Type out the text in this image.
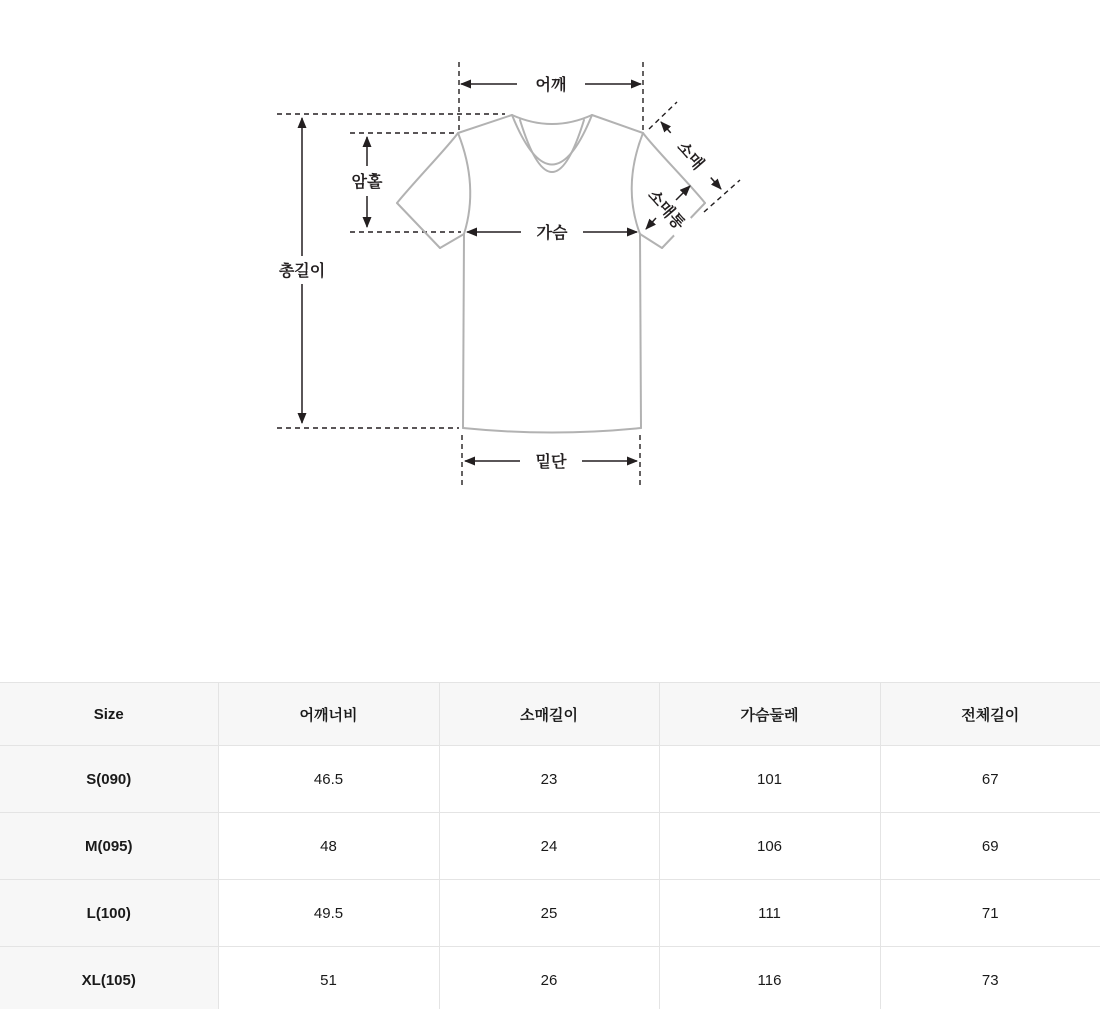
어깨
암홀
총길이
가슴
밑단
소매
소매통
Size	어깨너비	소매길이	가슴둘레	전체길이
S(090)	46.5	23	101	67
M(095)	48	24	106	69
L(100)	49.5	25	111	71
XL(105)	51	26	116	73
